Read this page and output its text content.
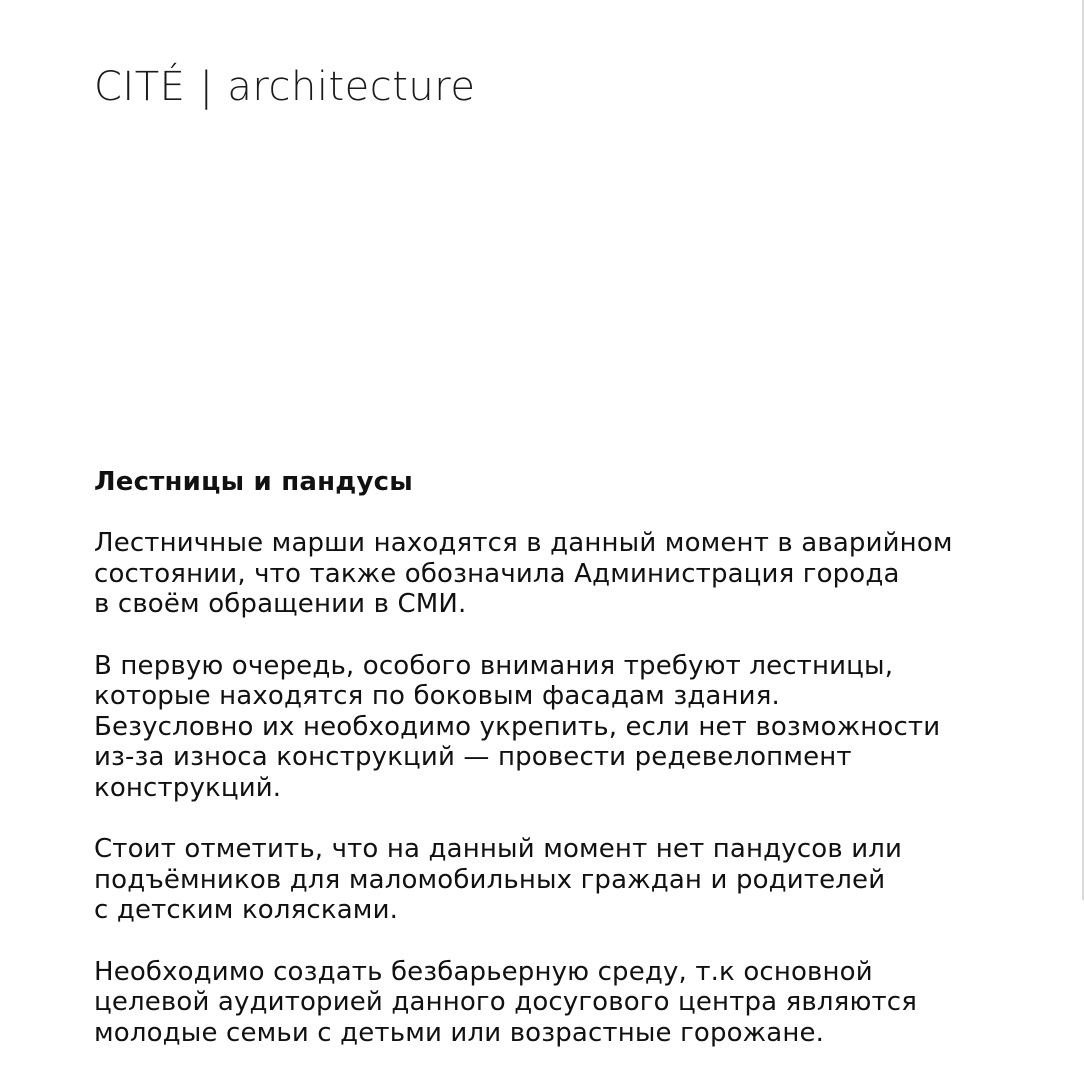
CITÉ | architecture
Лестницы и пандусы
Лестничные марши находятся в данный момент в аварийном
состоянии, что также обозначила Администрация города
в своём обращении в СМИ.
В первую очередь, особого внимания требуют лестницы,
которые находятся по боковым фасадам здания.
Безусловно их необходимо укрепить, если нет возможности
из-за износа конструкций — провести редевелопмент
конструкций.
Стоит отметить, что на данный момент нет пандусов или
подъёмников для маломобильных граждан и родителей
с детским колясками.
Необходимо создать безбарьерную среду, т.к основной
целевой аудиторией данного досугового центра являются
молодые семьи с детьми или возрастные горожане.
